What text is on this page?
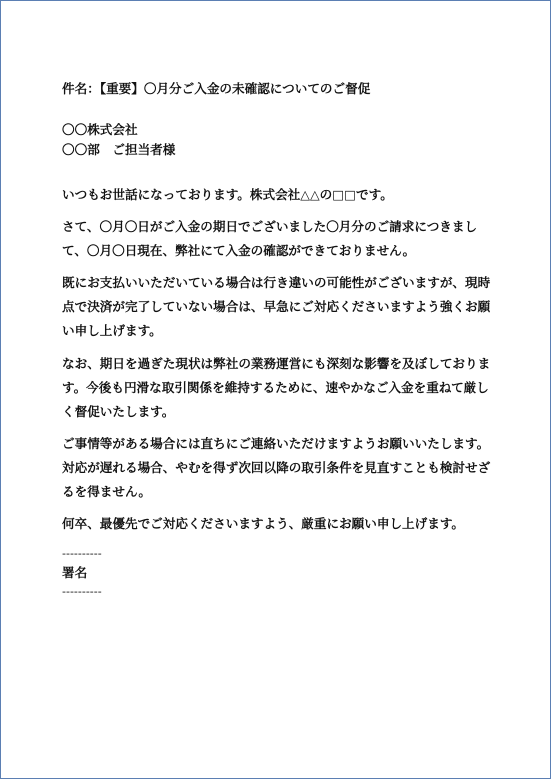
件名：【重要】〇月分ご入金の未確認についてのご督促
〇〇株式会社
〇〇部　ご担当者様

いつもお世話になっております。株式会社△△の□□です。

さて、〇月〇日がご入金の期日でございました〇月分のご請求につきまして、〇月〇日現在、弊社にて入金の確認ができておりません。

既にお支払いいただいている場合は行き違いの可能性がございますが、現時点で決済が完了していない場合は、早急にご対応くださいますよう強くお願い申し上げます。

なお、期日を過ぎた現状は弊社の業務運営にも深刻な影響を及ぼしております。今後も円滑な取引関係を維持するために、速やかなご入金を重ねて厳しく督促いたします。

ご事情等がある場合には直ちにご連絡いただけますようお願いいたします。対応が遅れる場合、やむを得ず次回以降の取引条件を見直すことも検討せざるを得ません。

何卒、最優先でご対応くださいますよう、厳重にお願い申し上げます。

----------
署名
----------
